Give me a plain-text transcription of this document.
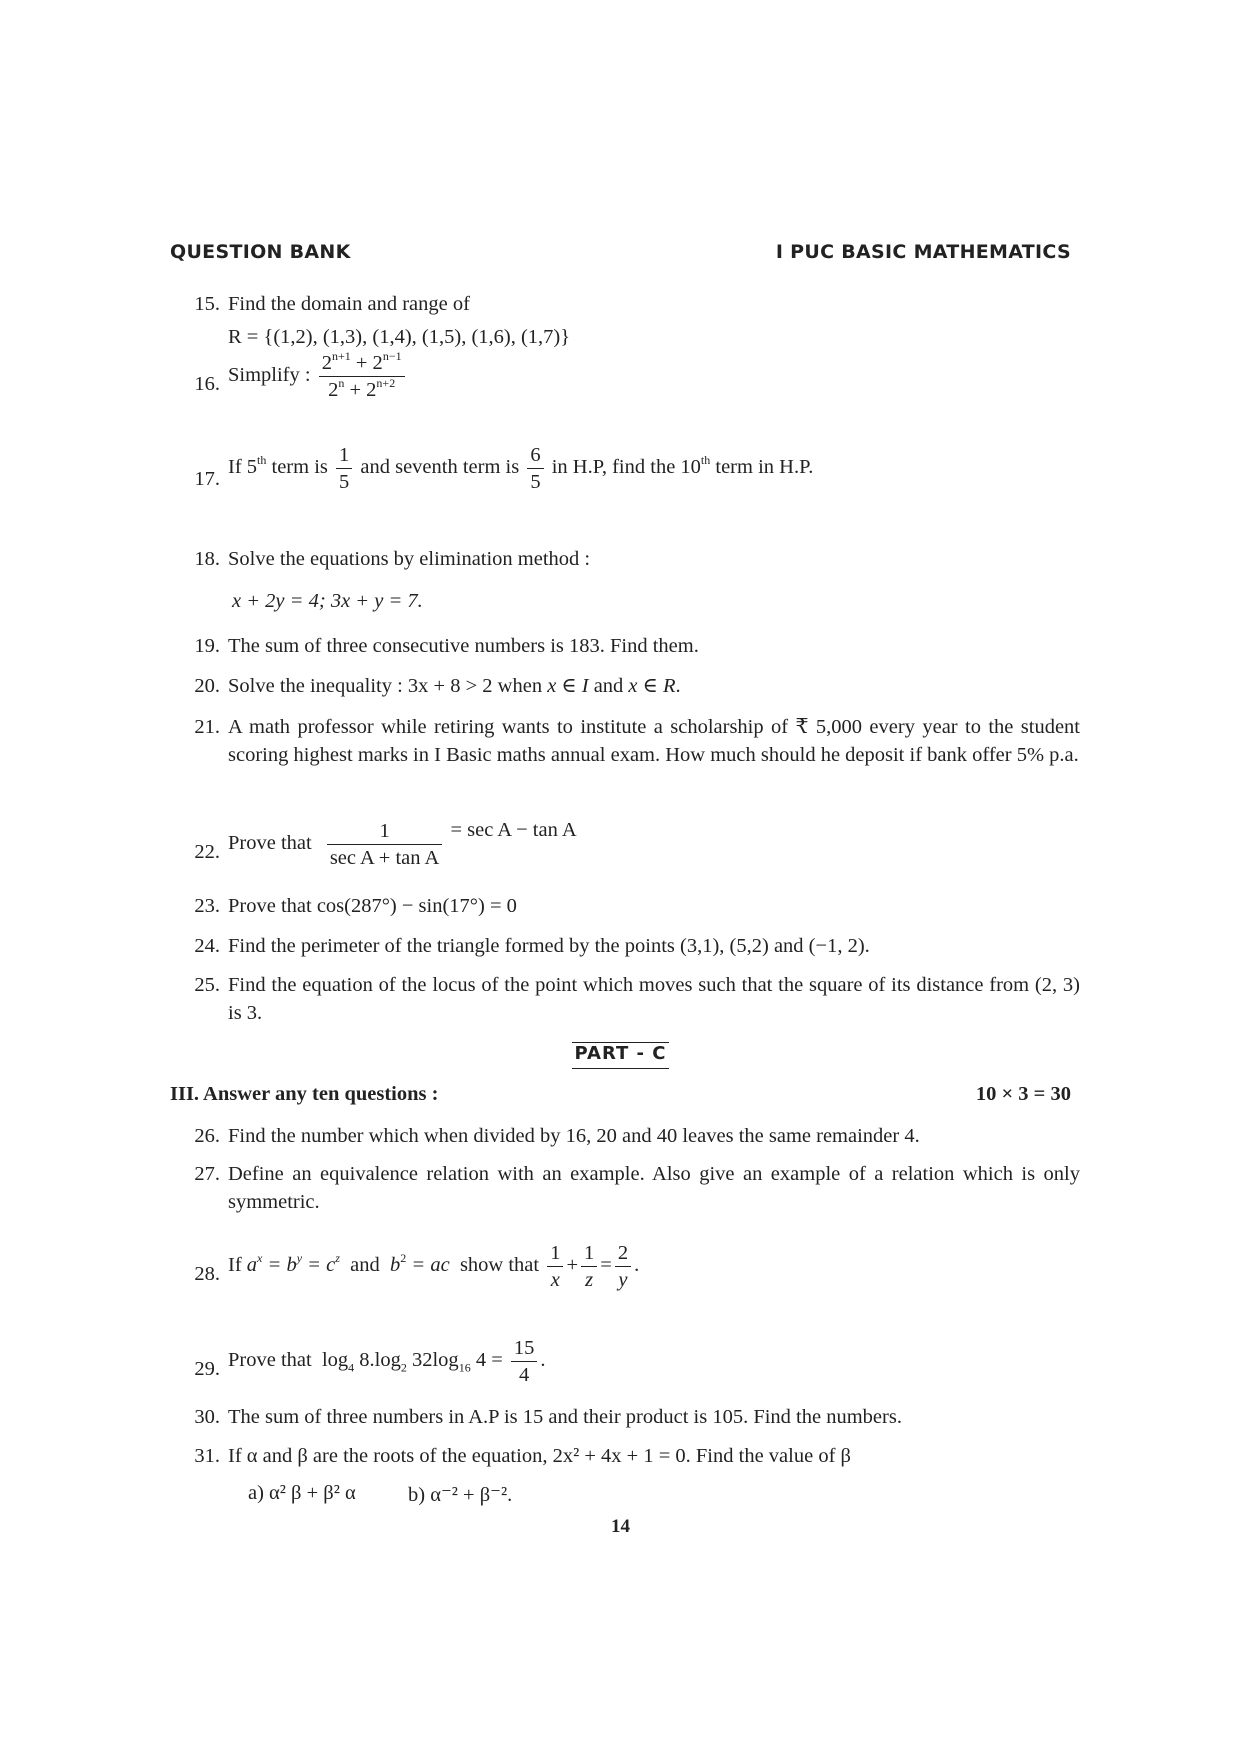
QUESTION BANK	I PUC BASIC MATHEMATICS
15. Find the domain and range of
R = {(1,2), (1,3), (1,4), (1,5), (1,6), (1,7)}
16. Simplify : $\frac{2^{n+1} + 2^{n-1}}{2^n + 2^{n+2}}$
17.
If 5th term is $\frac{1}{5}$ and seventh term is $\frac{6}{5}$ in H.P, find the 10th term in H.P.
18. Solve the equations by elimination method :
x + 2y = 4; 3x + y = 7.
19. The sum of three consecutive numbers is 183. Find them.
20. Solve the inequality : 3x + 8 > 2 when x ∈ I and x ∈ R.
21. A math professor while retiring wants to institute a scholarship of ₹ 5,000 every year to the student scoring highest marks in I Basic maths annual exam. How much should he deposit if bank offer 5% p.a.
22. Prove that $\frac{1}{\text{sec A + tan A}} = \sec A - \tan A$
23. Prove that cos(287°) − sin(17°) = 0
24. Find the perimeter of the triangle formed by the points (3,1), (5,2) and (−1, 2).
25. Find the equation of the locus of the point which moves such that the square of its distance from (2, 3) is 3.
PART - C
III. Answer any ten questions :	10 × 3 = 30
26. Find the number which when divided by 16, 20 and 40 leaves the same remainder 4.
27. Define an equivalence relation with an example. Also give an example of a relation which is only symmetric.
28. If $a^x = b^y = c^z$ and $b^2$ = ac show that $\frac{1}{x} + \frac{1}{z} = \frac{2}{y}$ .
29. Prove that $\log_4 8.\log_2$ $32\log_{16}$ $4 = \frac{15}{4}$ .
30. The sum of three numbers in A.P is 15 and their product is 105. Find the numbers.
31. If α and β are the roots of the equation, 2x² + 4x + 1 = 0. Find the value of β
a) α² β + β² α	b) α⁻² + β⁻².
14
